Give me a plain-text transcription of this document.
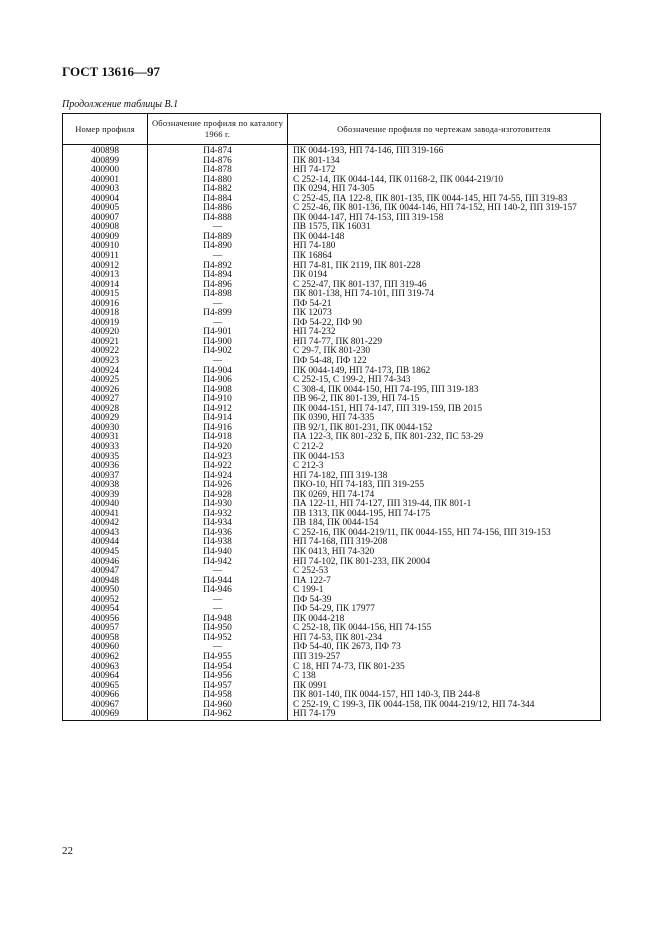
ГОСТ 13616—97
Продолжение таблицы В.1
Номер профиля	Обозначение профиля по каталогу 1966 г.	Обозначение профиля по чертежам завода-изготовителя
400898	П4-874	ПК 0044-193, НП 74-146, ПП 319-166
400899	П4-876	ПК 801-134
400900	П4-878	НП 74-172
400901	П4-880	С 252-14, ПК 0044-144, ПК 01168-2, ПК 0044-219/10
400903	П4-882	ПК 0294, НП 74-305
400904	П4-884	С 252-45, ПА 122-8, ПК 801-135, ПК 0044-145, НП 74-55, ПП 319-83
400905	П4-886	С 252-46, ПК 801-136, ПК 0044-146, НП 74-152, НП 140-2, ПП 319-157
400907	П4-888	ПК 0044-147, НП 74-153, ПП 319-158
400908	—	ПВ 1575, ПК 16031
400909	П4-889	ПК 0044-148
400910	П4-890	НП 74-180
400911	—	ПК 16864
400912	П4-892	НП 74-81, ПК 2119, ПК 801-228
400913	П4-894	ПК 0194
400914	П4-896	С 252-47, ПК 801-137, ПП 319-46
400915	П4-898	ПК 801-138, НП 74-101, ПП 319-74
400916	—	ПФ 54-21
400918	П4-899	ПК 12073
400919	—	ПФ 54-22, ПФ 90
400920	П4-901	НП 74-232
400921	П4-900	НП 74-77, ПК 801-229
400922	П4-902	С 29-7, ПК 801-230
400923	—	ПФ 54-48, ПФ 122
400924	П4-904	ПК 0044-149, НП 74-173, ПВ 1862
400925	П4-906	С 252-15, С 199-2, НП 74-343
400926	П4-908	С 308-4, ПК 0044-150, НП 74-195, ПП 319-183
400927	П4-910	ПВ 96-2, ПК 801-139, НП 74-15
400928	П4-912	ПК 0044-151, НП 74-147, ПП 319-159, ПВ 2015
400929	П4-914	ПК 0390, НП 74-335
400930	П4-916	ПВ 92/1, ПК 801-231, ПК 0044-152
400931	П4-918	ПА 122-3, ПК 801-232 Б, ПК 801-232, ПС 53-29
400933	П4-920	С 212-2
400935	П4-923	ПК 0044-153
400936	П4-922	С 212-3
400937	П4-924	НП 74-182, ПП 319-138
400938	П4-926	ПКО-10, НП 74-183, ПП 319-255
400939	П4-928	ПК 0269, НП 74-174
400940	П4-930	ПА 122-11, НП 74-127, ПП 319-44, ПК 801-1
400941	П4-932	ПВ 1313, ПК 0044-195, НП 74-175
400942	П4-934	ПВ 184, ПК 0044-154
400943	П4-936	С 252-16, ПК 0044-219/11, ПК 0044-155, НП 74-156, ПП 319-153
400944	П4-938	НП 74-168, ПП 319-208
400945	П4-940	ПК 0413, НП 74-320
400946	П4-942	НП 74-102, ПК 801-233, ПК 20004
400947	—	С 252-53
400948	П4-944	ПА 122-7
400950	П4-946	С 199-1
400952	—	ПФ 54-39
400954	—	ПФ 54-29, ПК 17977
400956	П4-948	ПК 0044-218
400957	П4-950	С 252-18, ПК 0044-156, НП 74-155
400958	П4-952	НП 74-53, ПК 801-234
400960	—	ПФ 54-40, ПК 2673, ПФ 73
400962	П4-955	ПП 319-257
400963	П4-954	С 18, НП 74-73, ПК 801-235
400964	П4-956	С 138
400965	П4-957	ПК 0991
400966	П4-958	ПК 801-140, ПК 0044-157, НП 140-3, ПВ 244-8
400967	П4-960	С 252-19, С 199-3, ПК 0044-158, ПК 0044-219/12, НП 74-344
400969	П4-962	НП 74-179
22
